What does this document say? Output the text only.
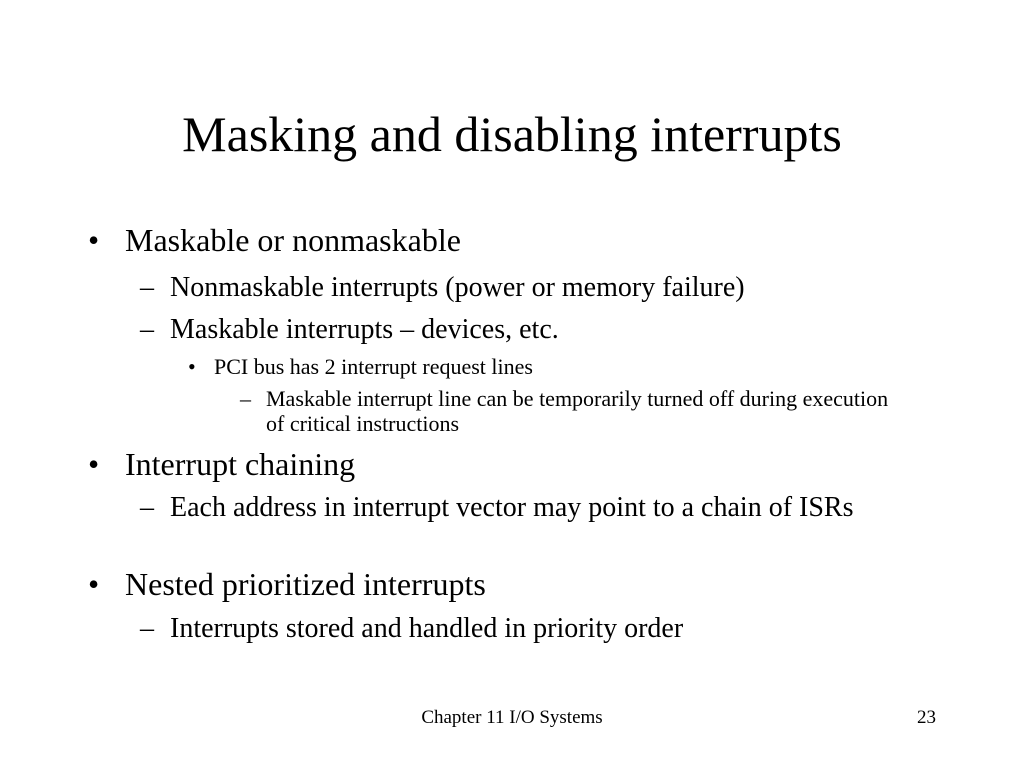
Masking and disabling interrupts
• Maskable or nonmaskable
– Nonmaskable interrupts (power or memory failure)
– Maskable interrupts – devices, etc.
• PCI bus has 2 interrupt request lines
– Maskable interrupt line can be temporarily turned off during execution of critical instructions
• Interrupt chaining
– Each address in interrupt vector may point to a chain of ISRs
• Nested prioritized interrupts
– Interrupts stored and handled in priority order
Chapter 11 I/O Systems	23
